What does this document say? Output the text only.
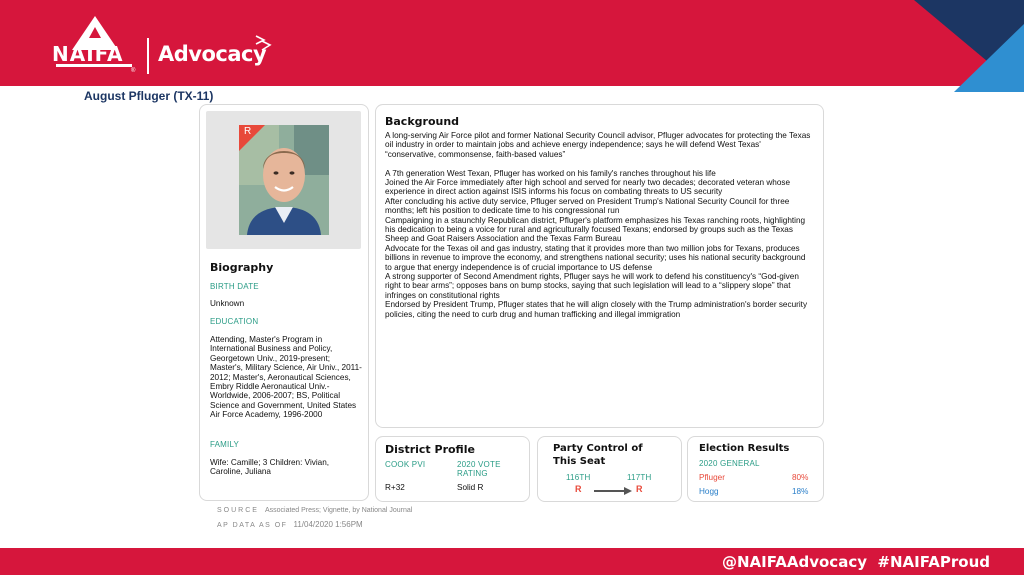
NAIFA
®
Advocacy
August Pfluger (TX-11)
R
Biography
BIRTH DATE
Unknown
EDUCATION
Attending, Master's Program in International Business and Policy, Georgetown Univ., 2019-present; Master's, Military Science, Air Univ., 2011-2012; Master's, Aeronautical Sciences, Embry Riddle Aeronautical Univ.-Worldwide, 2006-2007; BS, Political Science and Government, United States Air Force Academy, 1996-2000
FAMILY
Wife: Camille; 3 Children: Vivian, Caroline, Juliana
Background

A long-serving Air Force pilot and former National Security Council advisor, Pfluger advocates for protecting the Texas oil industry in order to maintain jobs and achieve energy independence; says he will defend West Texas' “conservative, commonsense, faith-based values”

A 7th generation West Texan, Pfluger has worked on his family's ranches throughout his life

Joined the Air Force immediately after high school and served for nearly two decades; decorated veteran whose experience in direct action against ISIS informs his focus on combating threats to US security

After concluding his active duty service, Pfluger served on President Trump's National Security Council for three months; left his position to dedicate time to his congressional run

Campaigning in a staunchly Republican district, Pfluger's platform emphasizes his Texas ranching roots, highlighting his dedication to being a voice for rural and agriculturally focused Texans; endorsed by groups such as the Texas Sheep and Goat Raisers Association and the Texas Farm Bureau

Advocate for the Texas oil and gas industry, stating that it provides more than two million jobs for Texans, produces billions in revenue to improve the economy, and strengthens national security; uses his national security background to argue that energy independence is of crucial importance to US defense

A strong supporter of Second Amendment rights, Pfluger says he will work to defend his constituency's “God-given right to bear arms”; opposes bans on bump stocks, saying that such legislation will lead to a “slippery slope” that infringes on constitutional rights

Endorsed by President Trump, Pfluger states that he will align closely with the Trump administration's border security policies, citing the need to curb drug and human trafficking and illegal immigration

District Profile
COOK PVI	2020 VOTE
RATING
R+32	Solid R
Party Control of
This Seat
116TH	117TH
R	R
Election Results
2020 GENERAL
Pfluger	80%
Hogg	18%
SOURCE Associated Press; Vignette, by National Journal
AP DATA AS OF 11/04/2020 1:56PM
@NAIFAAdvocacy  #NAIFAProud
